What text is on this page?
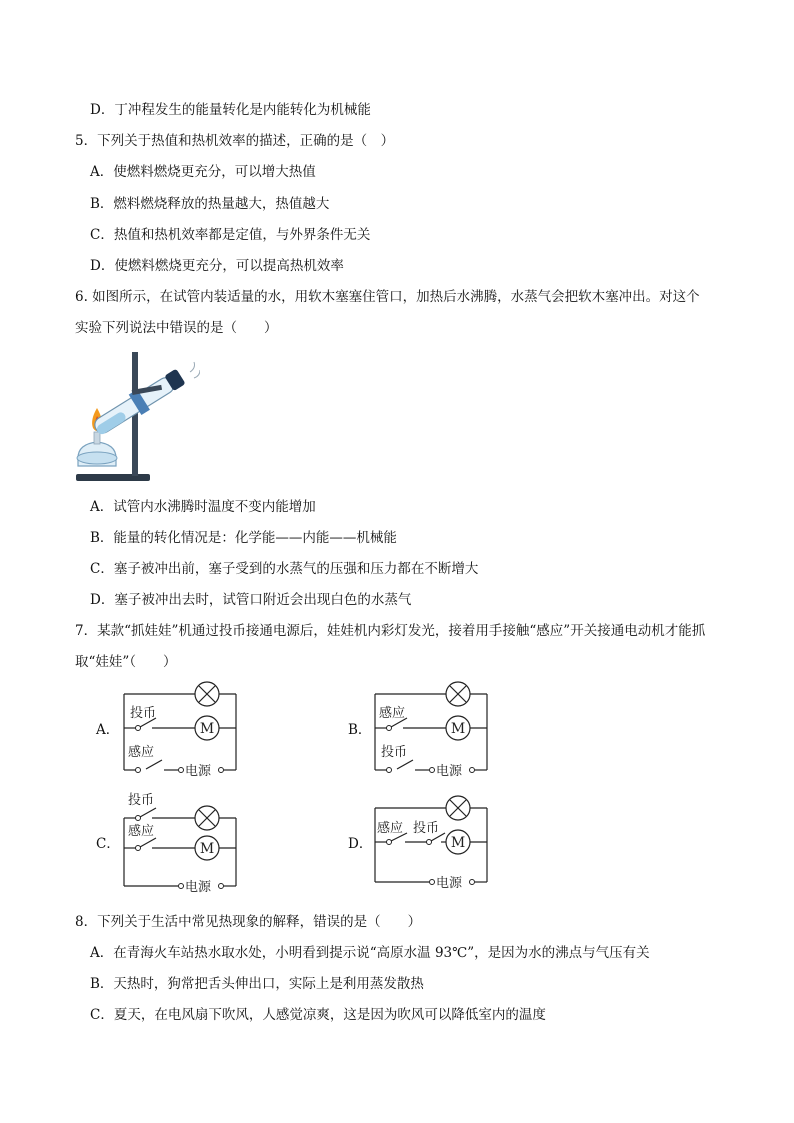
D．丁冲程发生的能量转化是内能转化为机械能
5．下列关于热值和热机效率的描述，正确的是（　）
A．使燃料燃烧更充分，可以增大热值
B．燃料燃烧释放的热量越大，热值越大
C．热值和热机效率都是定值，与外界条件无关
D．使燃料燃烧更充分，可以提高热机效率
6. 如图所示，在试管内装适量的水，用软木塞塞住管口，加热后水沸腾，水蒸气会把软木塞冲出。对这个
实验下列说法中错误的是（　　）
A．试管内水沸腾时温度不变内能增加
B．能量的转化情况是：化学能——内能——机械能
C．塞子被冲出前，塞子受到的水蒸气的压强和压力都在不断增大
D．塞子被冲出去时，试管口附近会出现白色的水蒸气
7．某款“抓娃娃”机通过投币接通电源后，娃娃机内彩灯发光，接着用手接触“感应”开关接通电动机才能抓
取“娃娃”（　　）
A．	M
投币
感应
电源
B．	M
感应
投币
电源
C．	M
投币
感应
电源
D．	M
感应 投币
电源
8．下列关于生活中常见热现象的解释，错误的是（　　）
A．在青海火车站热水取水处，小明看到提示说“高原水温 93℃”，是因为水的沸点与气压有关
B．天热时，狗常把舌头伸出口，实际上是利用蒸发散热
C．夏天，在电风扇下吹风，人感觉凉爽，这是因为吹风可以降低室内的温度
